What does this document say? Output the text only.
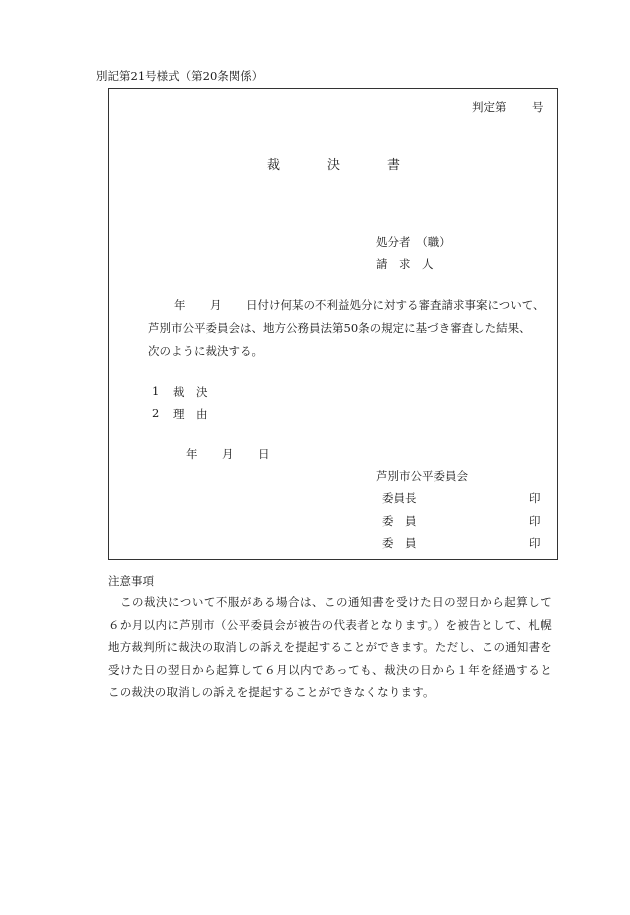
別記第21号様式（第20条関係）
判定第 号
裁	決	書
処分者　（職）
請　求　人
年 月 日付け何某の不利益処分に対する審査請求事案について、
芦別市公平委員会は、地方公務員法第50条の規定に基づき審査した結果、
次のように裁決する。
1 裁　決
2 理　由
年 月 日
芦別市公平委員会
委員長	印
委　員	印
委　員	印
注意事項
この裁決について不服がある場合は、この通知書を受けた日の翌日から起算して６か月以内に芦別市（公平委員会が被告の代表者となります。）を被告として、札幌地方裁判所に裁決の取消しの訴えを提起することができます。ただし、この通知書を受けた日の翌日から起算して６月以内であっても、裁決の日から１年を経過するとこの裁決の取消しの訴えを提起することができなくなります。
